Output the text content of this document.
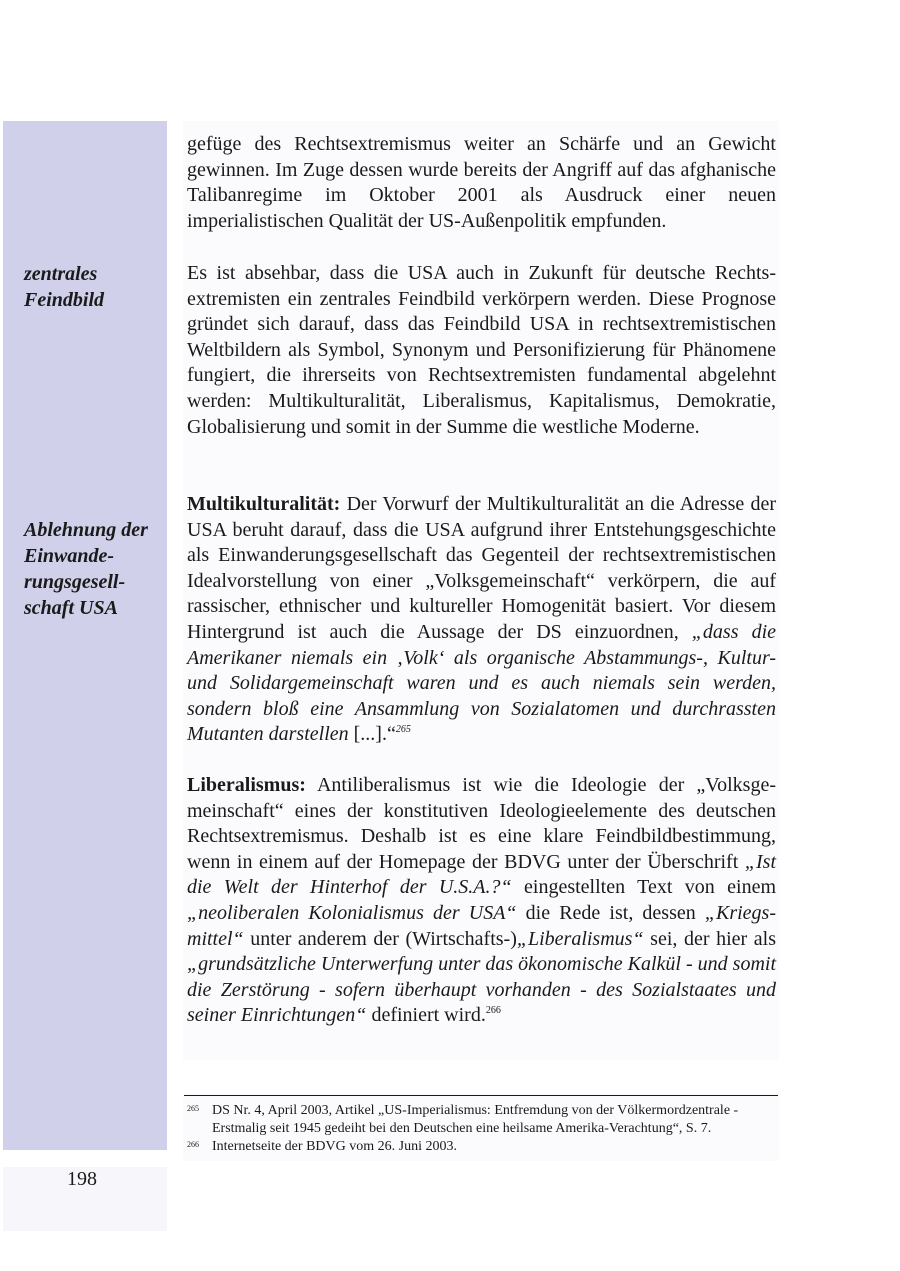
198
zentrales
Feindbild
Ablehnung der
Einwande-
rungsgesell-
schaft USA

gefüge des Rechtsextremismus weiter an Schärfe und an Gewicht gewinnen. Im Zuge dessen wurde bereits der Angriff auf das afghanische Talibanregime im Oktober 2001 als Ausdruck einer neuen imperialistischen Qualität der US-Außenpolitik empfunden.

Es ist absehbar, dass die USA auch in Zukunft für deutsche Rechtsextremisten ein zentrales Feindbild verkörpern werden. Diese Prognose gründet sich darauf, dass das Feindbild USA in rechtsextremistischen Weltbildern als Symbol, Synonym und Personifizierung für Phänomene fungiert, die ihrerseits von Rechtsextremisten fundamental abgelehnt werden: Multikulturalität, Liberalismus, Kapitalismus, Demokratie, Globalisierung und somit in der Summe die westliche Moderne.

Multikulturalität: Der Vorwurf der Multikulturalität an die Adresse der USA beruht darauf, dass die USA aufgrund ihrer Entstehungsgeschichte als Einwanderungsgesellschaft das Gegenteil der rechtsextremistischen Idealvorstellung von einer „Volksgemeinschaft“ verkörpern, die auf rassischer, ethnischer und kultureller Homogenität basiert. Vor diesem Hintergrund ist auch die Aussage der DS einzuordnen, „dass die Amerikaner niemals ein ‚Volk‘ als organische Abstammungs-, Kultur- und Solidargemeinschaft waren und es auch niemals sein werden, sondern bloß eine Ansammlung von Sozialatomen und durchrassten Mutanten darstellen [...].“$^{265}$

Liberalismus: Antiliberalismus ist wie die Ideologie der „Volksgemeinschaft“ eines der konstitutiven Ideologieelemente des deutschen Rechtsextremismus. Deshalb ist es eine klare Feindbildbestimmung, wenn in einem auf der Homepage der BDVG unter der Überschrift „Ist die Welt der Hinterhof der U.S.A.?“ eingestellten Text von einem „neoliberalen Kolonialismus der USA“ die Rede ist, dessen „Kriegsmittel“ unter anderem der (Wirtschafts-)„Liberalismus“ sei, der hier als „grundsätzliche Unterwerfung unter das ökonomische Kalkül - und somit die Zerstörung - sofern überhaupt vorhanden - des Sozialstaates und seiner Einrichtungen“ definiert wird.$^{266}$

265 DS Nr. 4, April 2003, Artikel „US-Imperialismus: Entfremdung von der Völkermordzentrale - Erstmalig seit 1945 gedeiht bei den Deutschen eine heilsame Amerika-Verachtung“, S. 7.
266 Internetseite der BDVG vom 26. Juni 2003.
